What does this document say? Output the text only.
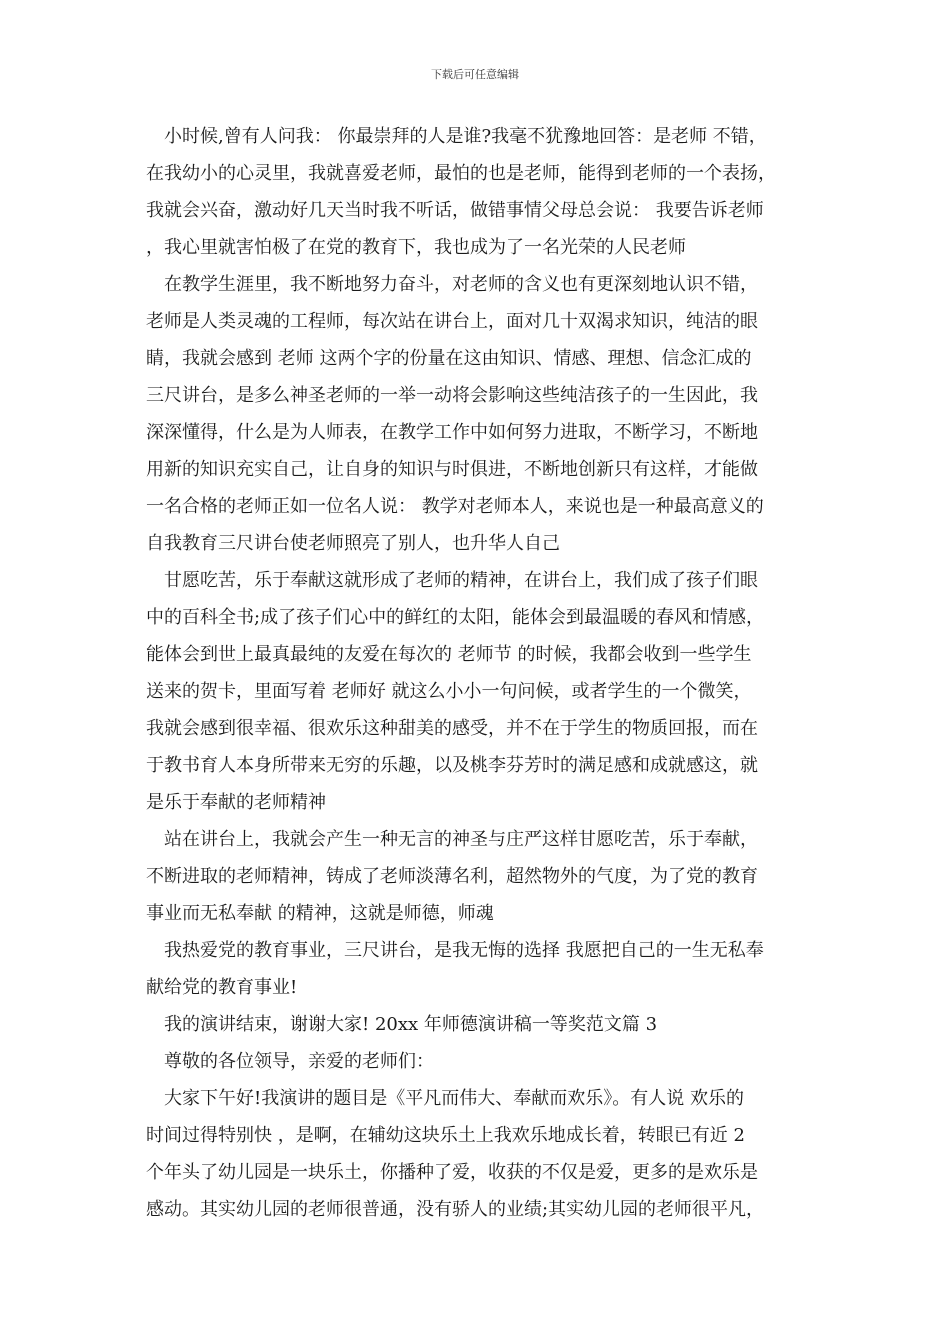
下载后可任意编辑
小时候,曾有人问我： 你最崇拜的人是谁?我毫不犹豫地回答：是老师 不错，
在我幼小的心灵里，我就喜爱老师，最怕的也是老师，能得到老师的一个表扬，
我就会兴奋，激动好几天当时我不听话，做错事情父母总会说： 我要告诉老师
，我心里就害怕极了在党的教育下，我也成为了一名光荣的人民老师
在教学生涯里，我不断地努力奋斗，对老师的含义也有更深刻地认识不错，
老师是人类灵魂的工程师，每次站在讲台上，面对几十双渴求知识，纯洁的眼
睛，我就会感到 老师 这两个字的份量在这由知识、情感、理想、信念汇成的
三尺讲台，是多么神圣老师的一举一动将会影响这些纯洁孩子的一生因此，我
深深懂得，什么是为人师表，在教学工作中如何努力进取，不断学习，不断地
用新的知识充实自己，让自身的知识与时俱进，不断地创新只有这样，才能做
一名合格的老师正如一位名人说： 教学对老师本人，来说也是一种最高意义的
自我教育三尺讲台使老师照亮了别人，也升华人自己
甘愿吃苦，乐于奉献这就形成了老师的精神，在讲台上，我们成了孩子们眼
中的百科全书;成了孩子们心中的鲜红的太阳，能体会到最温暖的春风和情感，
能体会到世上最真最纯的友爱在每次的 老师节 的时候，我都会收到一些学生
送来的贺卡，里面写着 老师好 就这么小小一句问候，或者学生的一个微笑，
我就会感到很幸福、很欢乐这种甜美的感受，并不在于学生的物质回报，而在
于教书育人本身所带来无穷的乐趣，以及桃李芬芳时的满足感和成就感这，就
是乐于奉献的老师精神
站在讲台上，我就会产生一种无言的神圣与庄严这样甘愿吃苦，乐于奉献，
不断进取的老师精神，铸成了老师淡薄名利，超然物外的气度，为了党的教育
事业而无私奉献 的精神，这就是师德，师魂
我热爱党的教育事业，三尺讲台，是我无悔的选择 我愿把自己的一生无私奉
献给党的教育事业!
我的演讲结束，谢谢大家! 20xx 年师德演讲稿一等奖范文篇 3
尊敬的各位领导，亲爱的老师们：
大家下午好!我演讲的题目是《平凡而伟大、奉献而欢乐》。有人说 欢乐的
时间过得特别快 ，是啊，在辅幼这块乐土上我欢乐地成长着，转眼已有近 2
个年头了幼儿园是一块乐土，你播种了爱，收获的不仅是爱，更多的是欢乐是
感动。其实幼儿园的老师很普通，没有骄人的业绩;其实幼儿园的老师很平凡，
